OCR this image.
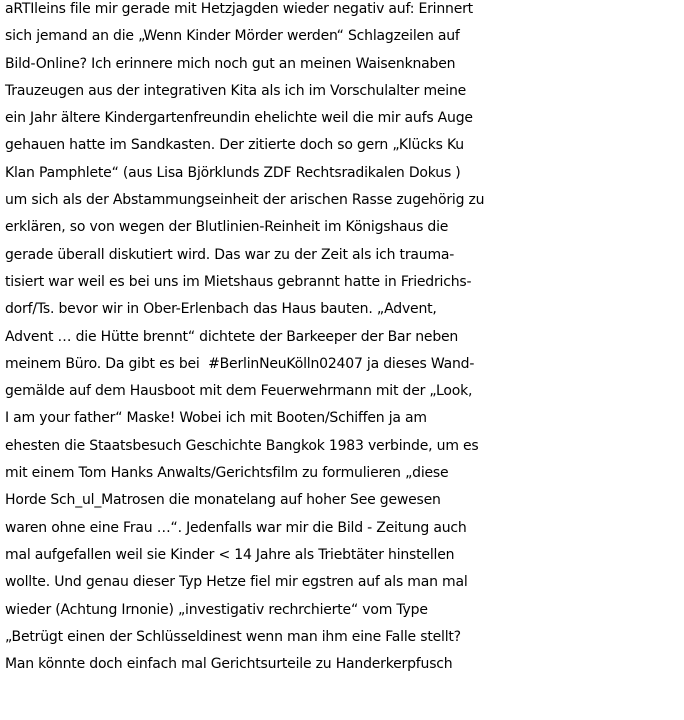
aRTIleins file mir gerade mit Hetzjagden wieder negativ auf: Erinnert
sich jemand an die „Wenn Kinder Mörder werden“ Schlagzeilen auf
Bild-Online? Ich erinnere mich noch gut an meinen Waisenknaben
Trauzeugen aus der integrativen Kita als ich im Vorschulalter meine
ein Jahr ältere Kindergartenfreundin ehelichte weil die mir aufs Auge
gehauen hatte im Sandkasten. Der zitierte doch so gern „Klücks Ku
Klan Pamphlete“ (aus Lisa Björklunds ZDF Rechtsradikalen Dokus )
um sich als der Abstammungseinheit der arischen Rasse zugehörig zu
erklären, so von wegen der Blutlinien-Reinheit im Königshaus die
gerade überall diskutiert wird. Das war zu der Zeit als ich trauma-
tisiert war weil es bei uns im Mietshaus gebrannt hatte in Friedrichs-
dorf/Ts. bevor wir in Ober-Erlenbach das Haus bauten. „Advent,
Advent … die Hütte brennt“ dichtete der Barkeeper der Bar neben
meinem Büro. Da gibt es bei  #BerlinNeuKölln02407 ja dieses Wand-
gemälde auf dem Hausboot mit dem Feuerwehrmann mit der „Look,
I am your father“ Maske! Wobei ich mit Booten/Schiffen ja am
ehesten die Staatsbesuch Geschichte Bangkok 1983 verbinde, um es
mit einem Tom Hanks Anwalts/Gerichtsfilm zu formulieren „diese
Horde Sch_ul_Matrosen die monatelang auf hoher See gewesen
waren ohne eine Frau …“. Jedenfalls war mir die Bild - Zeitung auch
mal aufgefallen weil sie Kinder < 14 Jahre als Triebtäter hinstellen
wollte. Und genau dieser Typ Hetze fiel mir egstren auf als man mal
wieder (Achtung Irnonie) „investigativ rechrchierte“ vom Type
„Betrügt einen der Schlüsseldinest wenn man ihm eine Falle stellt?
Man könnte doch einfach mal Gerichtsurteile zu Handerkerpfusch
